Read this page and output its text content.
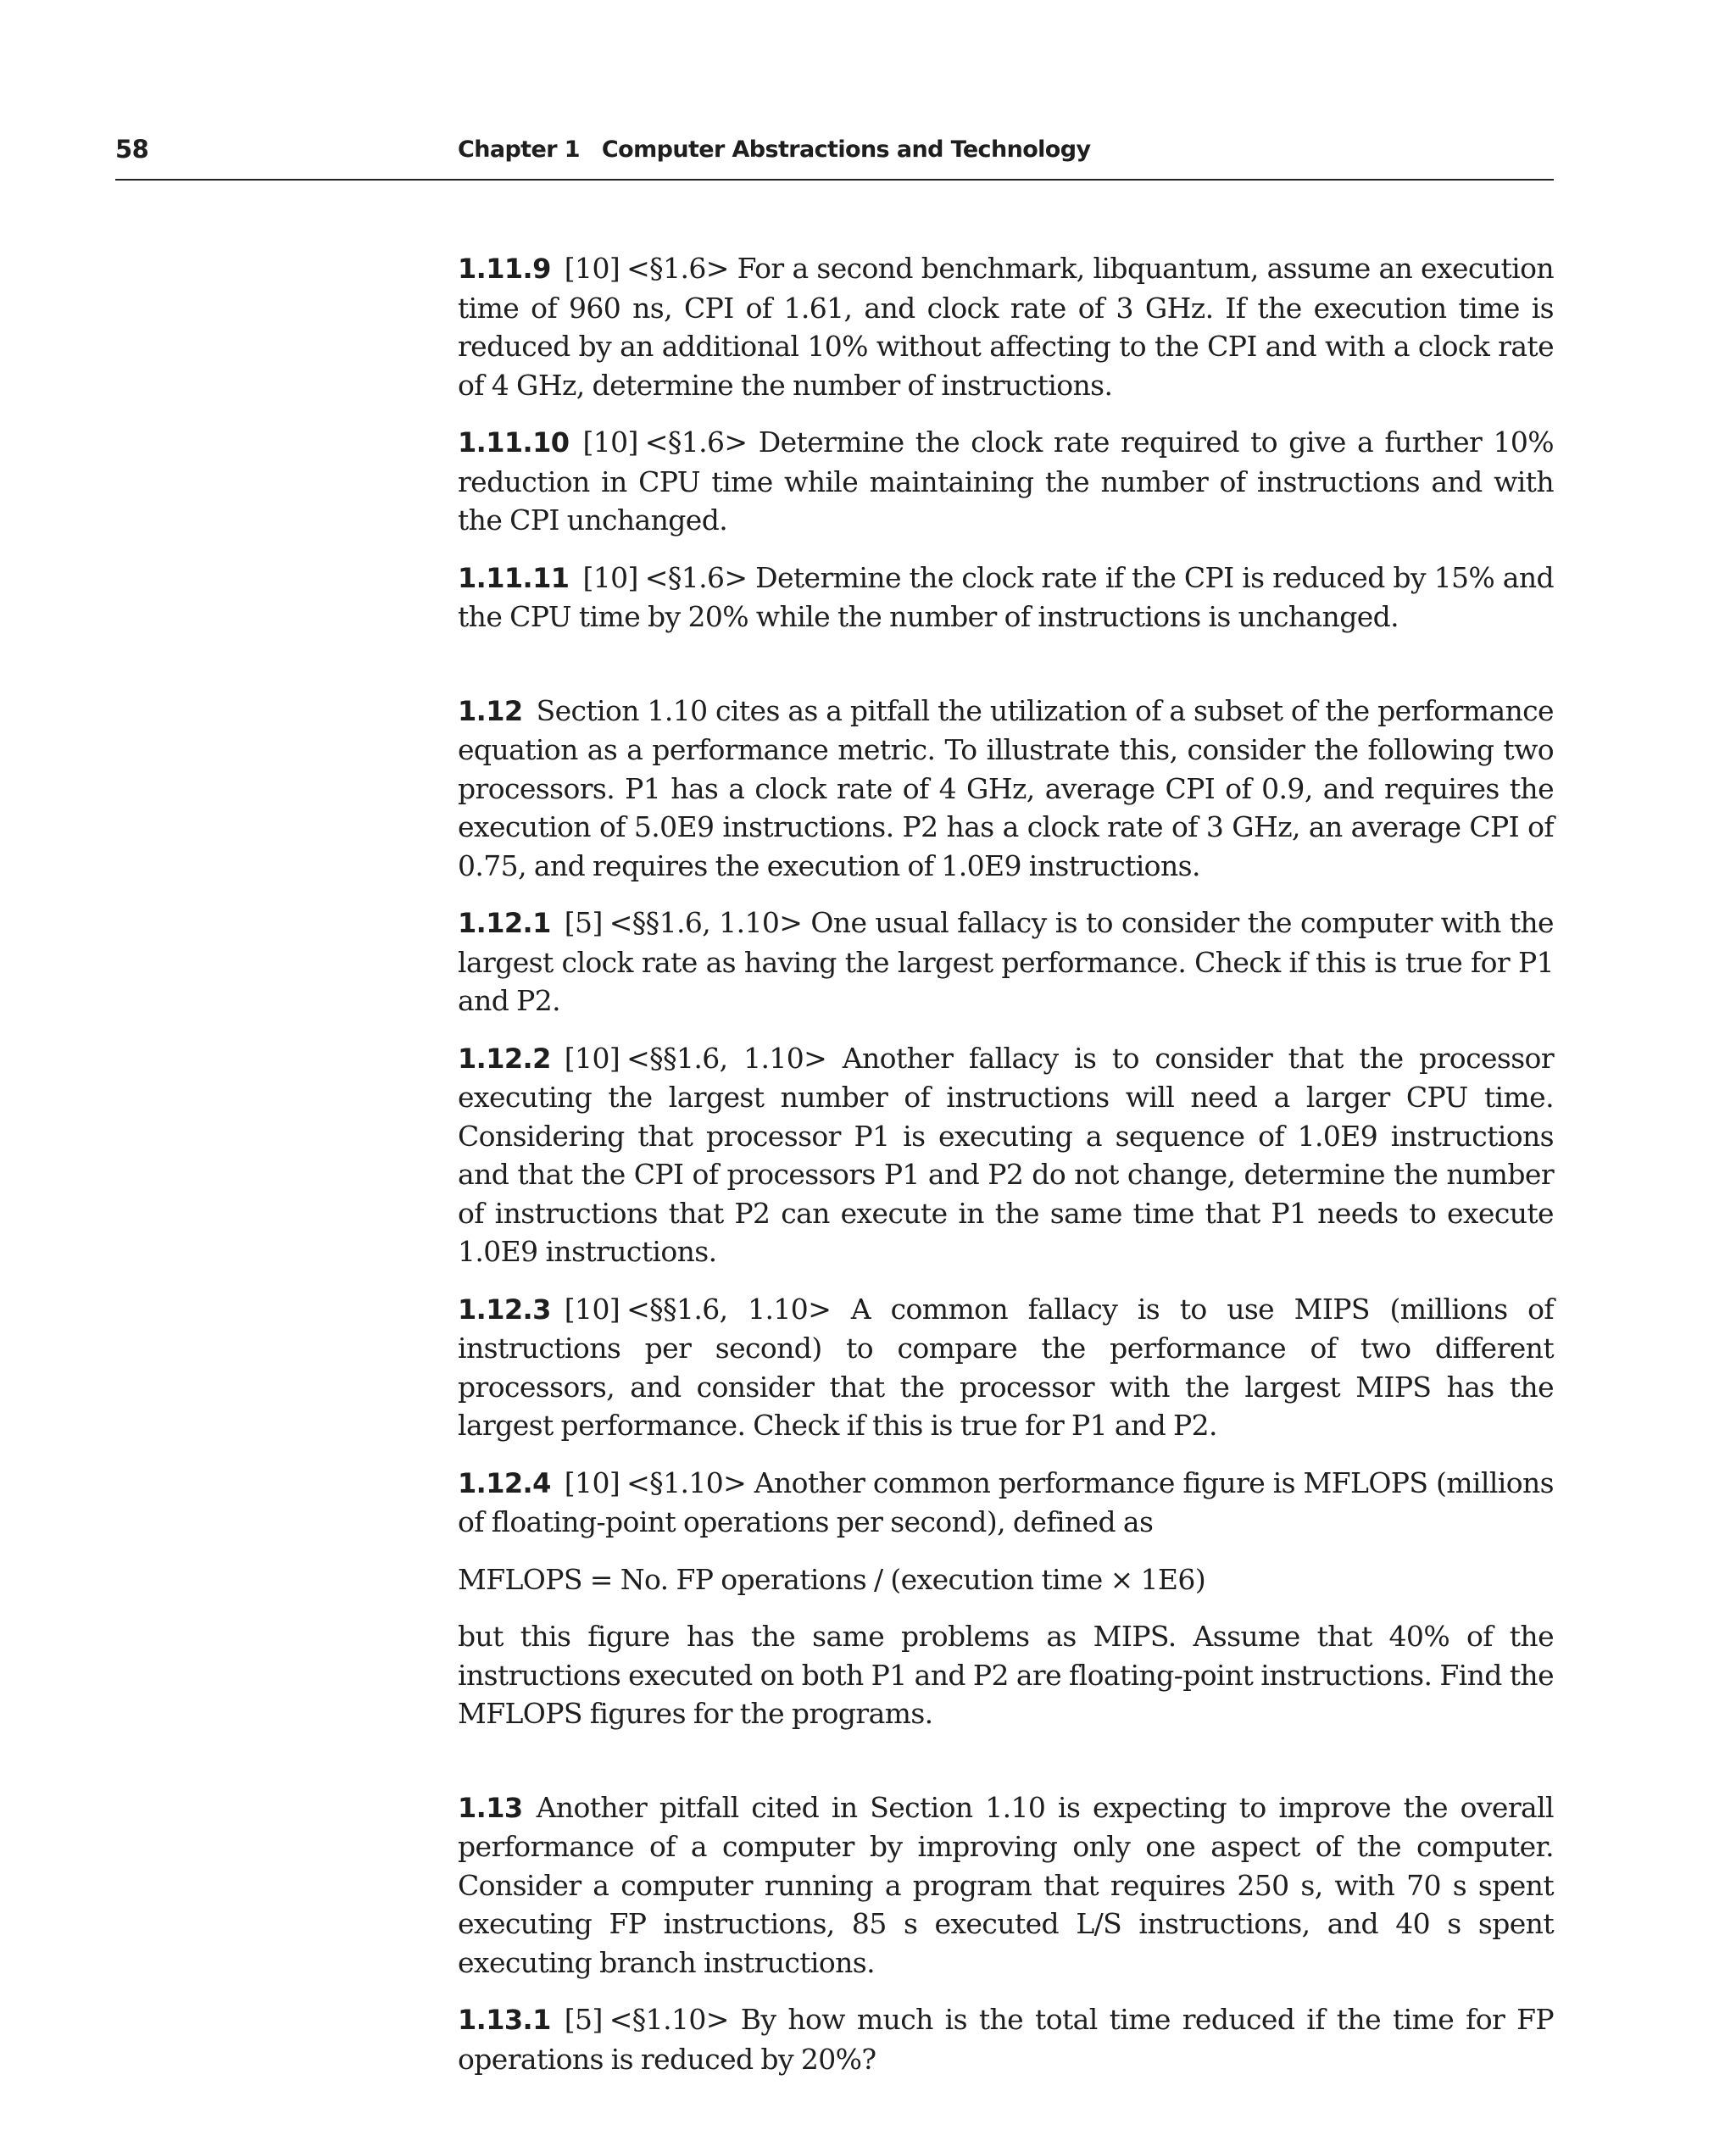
58	Chapter 1 Computer Abstractions and Technology

1.11.9 [10] <§1.6> For a second benchmark, libquantum, assume an execution time of 960 ns, CPI of 1.61, and clock rate of 3 GHz. If the execution time is reduced by an additional 10% without affecting to the CPI and with a clock rate of 4 GHz, determine the number of instructions.

1.11.10 [10] <§1.6> Determine the clock rate required to give a further 10% reduction in CPU time while maintaining the number of instructions and with the CPI unchanged.

1.11.11 [10] <§1.6> Determine the clock rate if the CPI is reduced by 15% and the CPU time by 20% while the number of instructions is unchanged.

1.12 Section 1.10 cites as a pitfall the utilization of a subset of the performance equation as a performance metric. To illustrate this, consider the following two processors. P1 has a clock rate of 4 GHz, average CPI of 0.9, and requires the execution of 5.0E9 instructions. P2 has a clock rate of 3 GHz, an average CPI of 0.75, and requires the execution of 1.0E9 instructions.

1.12.1 [5] <§§1.6, 1.10> One usual fallacy is to consider the computer with the largest clock rate as having the largest performance. Check if this is true for P1 and P2.

1.12.2 [10] <§§1.6, 1.10> Another fallacy is to consider that the processor executing the largest number of instructions will need a larger CPU time. Considering that processor P1 is executing a sequence of 1.0E9 instructions and that the CPI of processors P1 and P2 do not change, determine the number of instructions that P2 can execute in the same time that P1 needs to execute 1.0E9 instructions.

1.12.3 [10] <§§1.6, 1.10> A common fallacy is to use MIPS (millions of instructions per second) to compare the performance of two different processors, and consider that the processor with the largest MIPS has the largest performance. Check if this is true for P1 and P2.

1.12.4 [10] <§1.10> Another common performance figure is MFLOPS (millions of floating-point operations per second), defined as

MFLOPS = No. FP operations / (execution time × 1E6)

but this figure has the same problems as MIPS. Assume that 40% of the instructions executed on both P1 and P2 are floating-point instructions. Find the MFLOPS figures for the programs.

1.13 Another pitfall cited in Section 1.10 is expecting to improve the overall performance of a computer by improving only one aspect of the computer. Consider a computer running a program that requires 250 s, with 70 s spent executing FP instructions, 85 s executed L/S instructions, and 40 s spent executing branch instructions.

1.13.1 [5] <§1.10> By how much is the total time reduced if the time for FP operations is reduced by 20%?
